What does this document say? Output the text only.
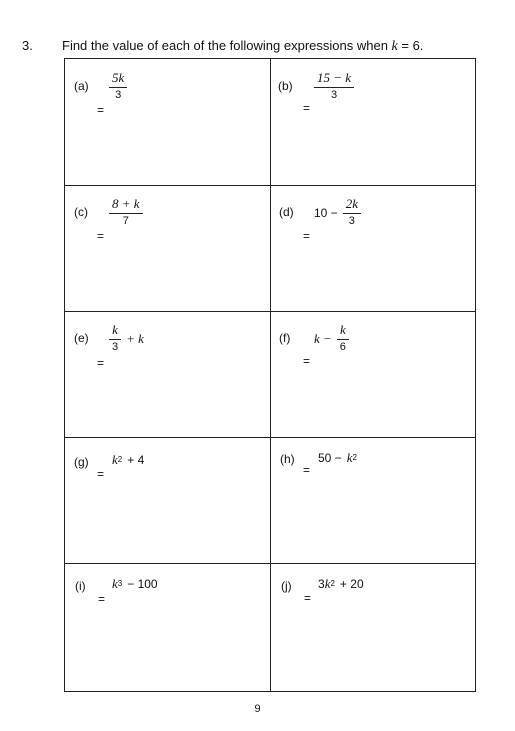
3. Find the value of each of the following expressions when k = 6.
$(a) \frac{5k}{3}$
=
$(b) \frac{15 - k}{3}$
=
$(c) \frac{8 + k}{7}$
=
(d) $10 - \frac{2k}{3}$
=
$(e) \frac{k}{3} + k$
=
(f) $k - \frac{k}{6}$
=
(g) k 2 + 4
=
(h) 50 − k 2
=
(i) k 3 − 100
=
(j) 3 k 2 + 20
=
9
